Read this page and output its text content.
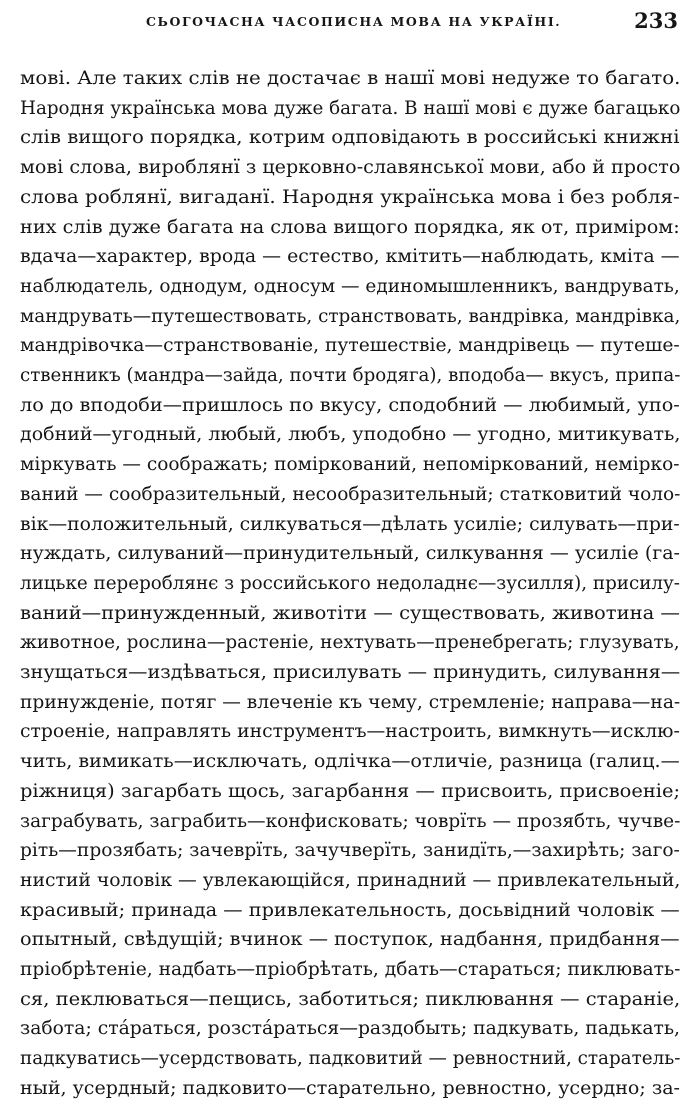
СЬОГОЧАСНА ЧАСОПИСНА МОВА НА УКРАЇНІ.	233
мові. Але таких слів не достачає в нашї мові недуже то багато.
Народня українська мова дуже багата. В нашї мові є дуже багацько
слів вищого порядка, котрим одповідають в российські книжні
мові слова, вироблянї з церковно-славянської мови, або й просто
слова роблянї, вигаданї. Народня українська мова і без робля-
них слів дуже багата на слова вищого порядка, як от, примiром:
вдача—характер, врода — естество, кмітить—наблюдать, кміта —
наблюдатель, однодум, односум — единомышленникъ, вандрувать,
мандрувать—путешествовать, странствовать, вандрівка, мандрівка,
мандрівочка—странствованіе, путешествіе, мандрівець — путеше-
ственникъ (мандра—зайда, почти бродяга), вподоба— вкусъ, припа-
ло до вподоби—пришлось по вкусу, сподобний — любимый, упо-
добний—угодный, любый, любъ, уподобно — угодно, митикувать,
міркувать — соображать; поміркований, непоміркований, неміркo-
ваний — сообразительный, несообразительный; статковитий чоло-
вік—положительный, силкуваться—дѣлать усиліе; силувать—при-
нуждать, силуваний—принудительный, силкування — усиліе (га-
лицьке перероблянє з российського недоладнє—зусилля), присилу-
ваний—принужденный, животіти — существовать, животина —
животное, рослина—растеніе, нехтувать—пренебрегать; глузувать,
знущаться—издѣваться, присилувать — принудить, силування—
принужденіе, потяг — влеченіе къ чему, стремленіе; направа—на-
строеніе, направлять инструментъ—настроить, вимкнуть—исклю-
чить, вимикать—исключать, одлічка—отличіе, разница (галиц.—
ріжниця) загарбать щось, загарбання — присвоить, присвоеніе;
заграбувать, заграбить—конфисковать; човрїть — прозябть, чучве-
ріть—прозябать; зачеврїть, зачучверїть, занидїть,—захирѣть; заго-
нистий чоловік — увлекающійся, принадний — привлекательный,
красивый; принада — привлекательность, досьвідний чоловік —
опытный, свѣдущій; вчинок — поступок, надбання, придбання—
пріобрѣтеніе, надбать—пріобрѣтать, дбать—стараться; пиклювать-
ся, пеклюваться—пещись, заботиться; пиклювання — стараніе,
забота; стáраться, розстáраться—раздобыть; падкувать, падькать,
падкуватись—усердствовать, падковитий — ревностний, старатель-
ный, усердный; падковито—старательно, ревностно, усердно; за-
